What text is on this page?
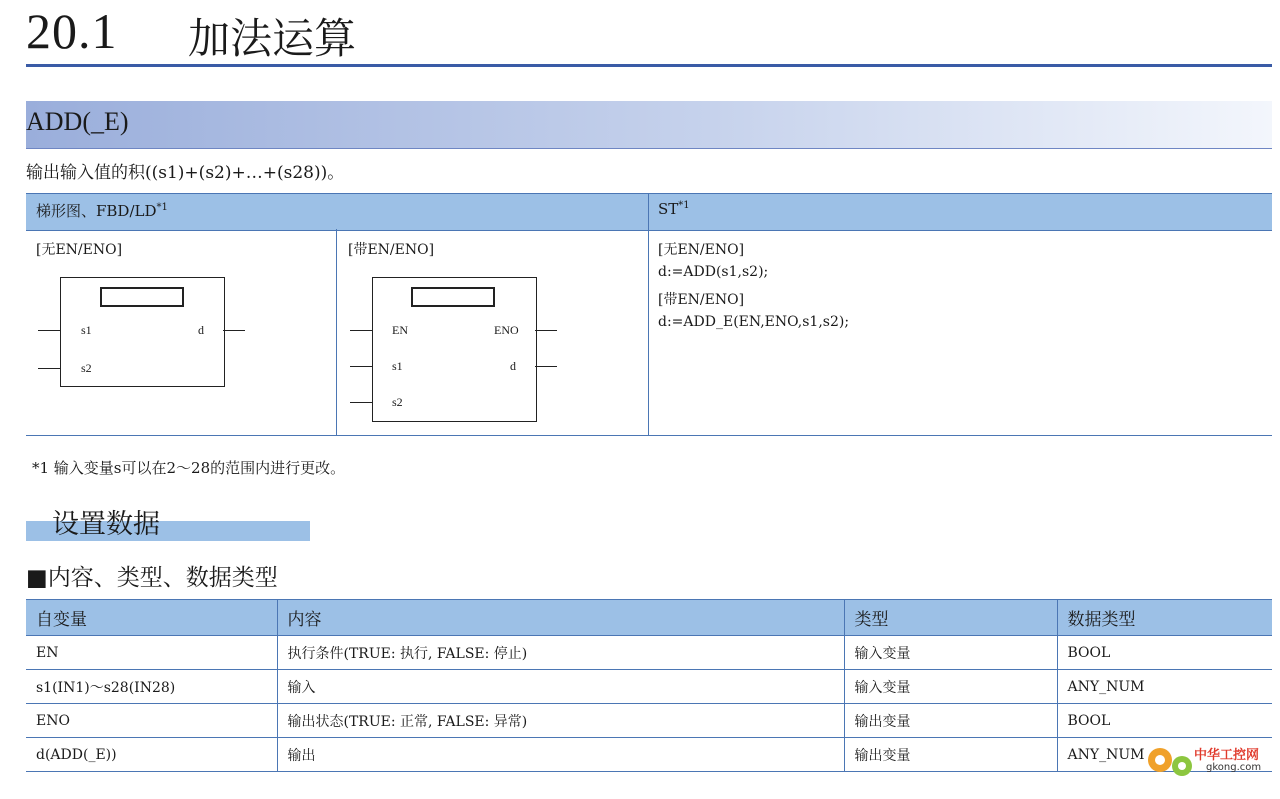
20.1 加法运算
ADD(_E)
输出输入值的积((s1)+(s2)+…+(s28))。
梯形图、FBD/LD$^{*1}$	ST$^{*1}$
[无EN/ENO]
s1
s2
d
[带EN/ENO]
EN
s1
s2
ENO
d
[无EN/ENO]
d:=ADD(s1,s2);
[带EN/ENO]
d:=ADD_E(EN,ENO,s1,s2);
*1 输入变量s可以在2～28的范围内进行更改。
设置数据
■内容、类型、数据类型
自变量	内容	类型	数据类型
EN	执行条件(TRUE: 执行, FALSE: 停止)	输入变量	BOOL
s1(IN1)～s28(IN28)	输入	输入变量	ANY_NUM
ENO	输出状态(TRUE: 正常, FALSE: 异常)	输出变量	BOOL
d(ADD(_E))	输出	输出变量	ANY_NUM	中华工控网
gkong.com
